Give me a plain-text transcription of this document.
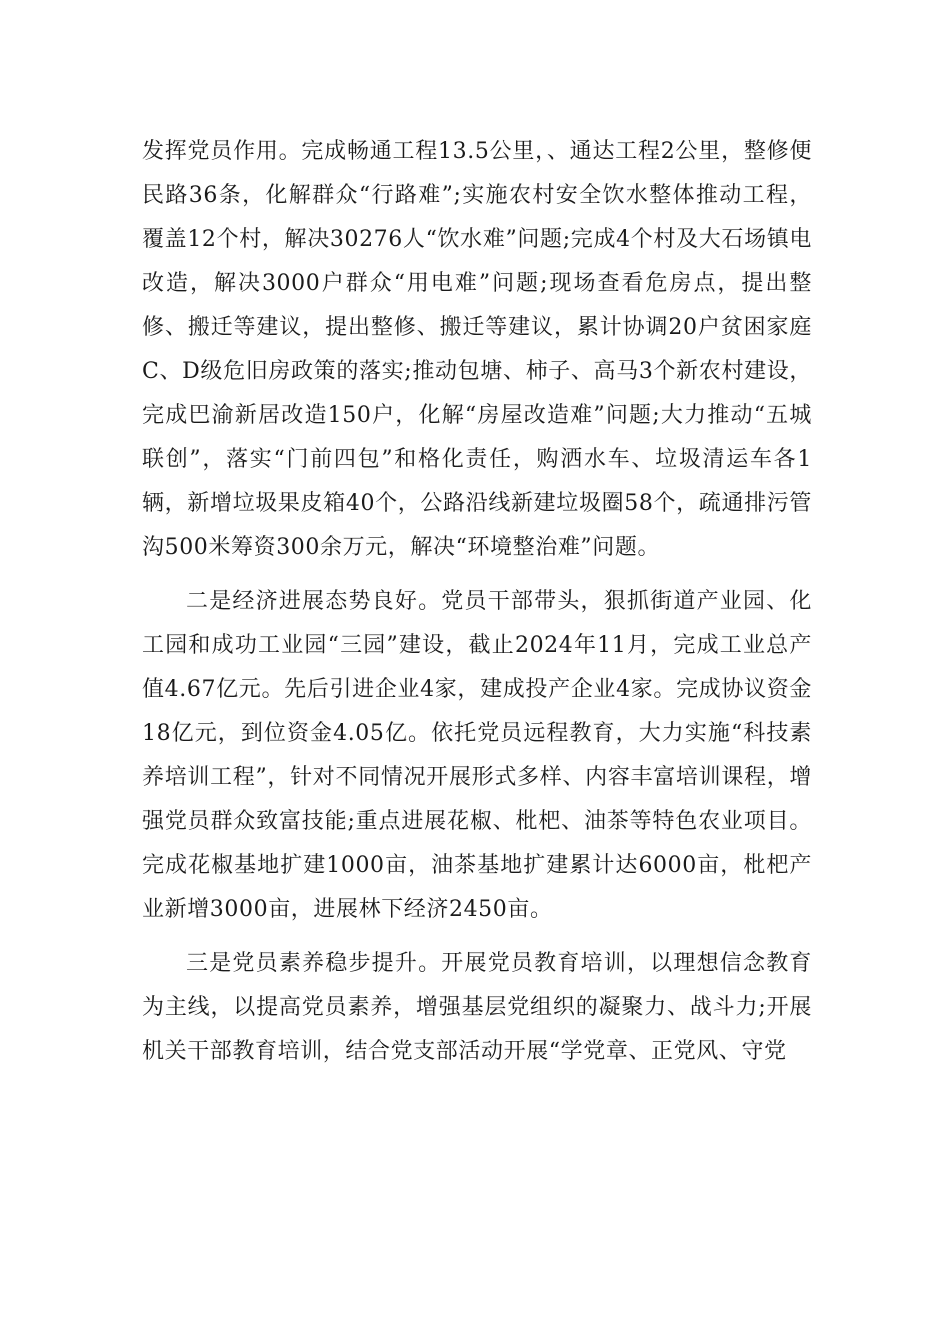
发挥党员作用。完成畅通工程13.5公里，、通达工程2公里，整修便民路36条，化解群众“行路难”;实施农村安全饮水整体推动工程，覆盖12个村，解决30276人“饮水难”问题;完成4个村及大石场镇电改造，解决3000户群众“用电难”问题;现场查看危房点，提出整修、搬迁等建议，提出整修、搬迁等建议，累计协调20户贫困家庭C、D级危旧房政策的落实;推动包塘、柿子、高马3个新农村建设，完成巴渝新居改造150户，化解“房屋改造难”问题;大力推动“五城联创”，落实“门前四包”和格化责任，购洒水车、垃圾清运车各1辆，新增垃圾果皮箱40个，公路沿线新建垃圾圈58个，疏通排污管沟500米筹资300余万元，解决“环境整治难”问题。

二是经济进展态势良好。党员干部带头，狠抓街道产业园、化工园和成功工业园“三园”建设，截止2024年11月，完成工业总产值4.67亿元。先后引进企业4家，建成投产企业4家。完成协议资金18亿元，到位资金4.05亿。依托党员远程教育，大力实施“科技素养培训工程”，针对不同情况开展形式多样、内容丰富培训课程，增强党员群众致富技能;重点进展花椒、枇杷、油茶等特色农业项目。完成花椒基地扩建1000亩，油茶基地扩建累计达6000亩，枇杷产业新增3000亩，进展林下经济2450亩。

三是党员素养稳步提升。开展党员教育培训，以理想信念教育为主线，以提高党员素养，增强基层党组织的凝聚力、战斗力;开展机关干部教育培训，结合党支部活动开展“学党章、正党风、守党
